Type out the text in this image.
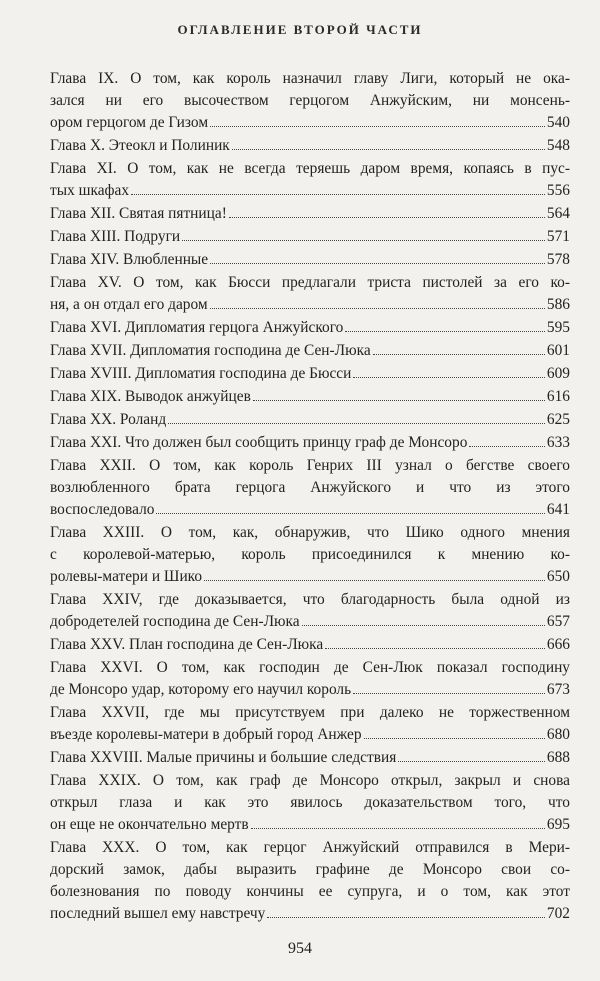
ОГЛАВЛЕНИЕ ВТОРОЙ ЧАСТИ
Глава IX. О том, как король назначил главу Лиги, который не ока-
зался ни его высочеством герцогом Анжуйским, ни монсень-
ором герцогом де Гизом	540
Глава X. Этеокл и Полиник	548
Глава XI. О том, как не всегда теряешь даром время, копаясь в пус-
тых шкафах	556
Глава XII. Святая пятница!	564
Глава XIII. Подруги	571
Глава XIV. Влюбленные	578
Глава XV. О том, как Бюсси предлагали триста пистолей за его ко-
ня, а он отдал его даром	586
Глава XVI. Дипломатия герцога Анжуйского	595
Глава XVII. Дипломатия господина де Сен-Люка	601
Глава XVIII. Дипломатия господина де Бюсси	609
Глава XIX. Выводок анжуйцев	616
Глава XX. Роланд	625
Глава XXI. Что должен был сообщить принцу граф де Монсоро	633
Глава XXII. О том, как король Генрих III узнал о бегстве своего
возлюбленного брата герцога Анжуйского и что из этого
воспоследовало	641
Глава XXIII. О том, как, обнаружив, что Шико одного мнения
с королевой-матерью, король присоединился к мнению ко-
ролевы-матери и Шико	650
Глава XXIV, где доказывается, что благодарность была одной из
добродетелей господина де Сен-Люка	657
Глава XXV. План господина де Сен-Люка	666
Глава XXVI. О том, как господин де Сен-Люк показал господину
де Монсоро удар, которому его научил король	673
Глава XXVII, где мы присутствуем при далеко не торжественном
въезде королевы-матери в добрый город Анжер	680
Глава XXVIII. Малые причины и большие следствия	688
Глава XXIX. О том, как граф де Монсоро открыл, закрыл и снова
открыл глаза и как это явилось доказательством того, что
он еще не окончательно мертв	695
Глава XXX. О том, как герцог Анжуйский отправился в Мери-
дорский замок, дабы выразить графине де Монсоро свои со-
болезнования по поводу кончины ее супруга, и о том, как этот
последний вышел ему навстречу	702
954
